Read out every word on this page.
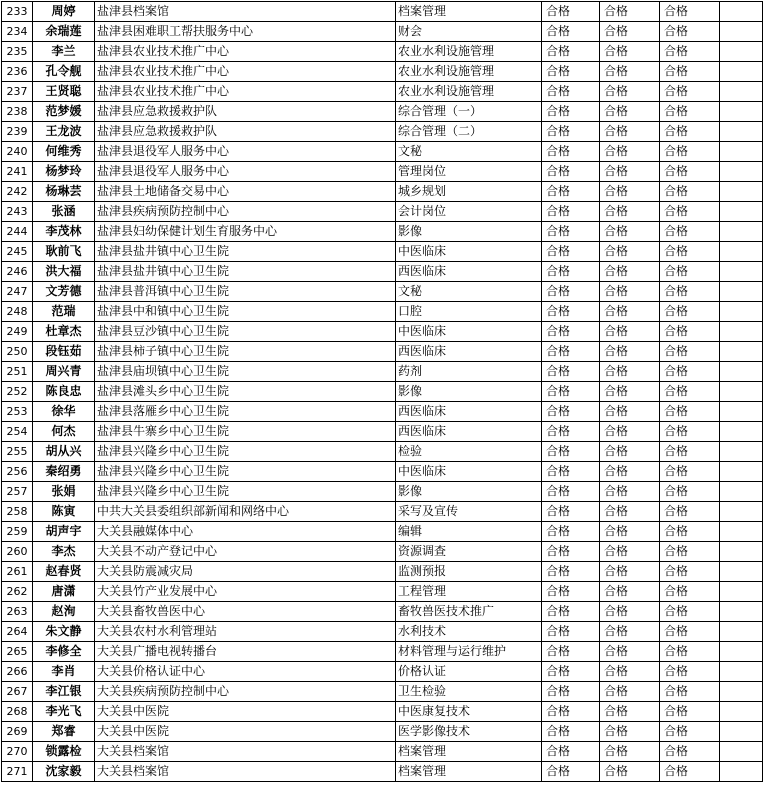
233	周婷	盐津县档案馆	档案管理	合格	合格	合格	
234	余瑞莲	盐津县困难职工帮扶服务中心	财会	合格	合格	合格	
235	李兰	盐津县农业技术推广中心	农业水利设施管理	合格	合格	合格	
236	孔令舰	盐津县农业技术推广中心	农业水利设施管理	合格	合格	合格	
237	王贤聪	盐津县农业技术推广中心	农业水利设施管理	合格	合格	合格	
238	范梦媛	盐津县应急救援救护队	综合管理（一）	合格	合格	合格	
239	王龙波	盐津县应急救援救护队	综合管理（二）	合格	合格	合格	
240	何维秀	盐津县退役军人服务中心	文秘	合格	合格	合格	
241	杨梦玲	盐津县退役军人服务中心	管理岗位	合格	合格	合格	
242	杨琳芸	盐津县土地储备交易中心	城乡规划	合格	合格	合格	
243	张涵	盐津县疾病预防控制中心	会计岗位	合格	合格	合格	
244	李茂林	盐津县妇幼保健计划生育服务中心	影像	合格	合格	合格	
245	耿前飞	盐津县盐井镇中心卫生院	中医临床	合格	合格	合格	
246	洪大福	盐津县盐井镇中心卫生院	西医临床	合格	合格	合格	
247	文芳德	盐津县普洱镇中心卫生院	文秘	合格	合格	合格	
248	范瑞	盐津县中和镇中心卫生院	口腔	合格	合格	合格	
249	杜章杰	盐津县豆沙镇中心卫生院	中医临床	合格	合格	合格	
250	段钰茹	盐津县柿子镇中心卫生院	西医临床	合格	合格	合格	
251	周兴青	盐津县庙坝镇中心卫生院	药剂	合格	合格	合格	
252	陈良忠	盐津县滩头乡中心卫生院	影像	合格	合格	合格	
253	徐华	盐津县落雁乡中心卫生院	西医临床	合格	合格	合格	
254	何杰	盐津县牛寨乡中心卫生院	西医临床	合格	合格	合格	
255	胡从兴	盐津县兴隆乡中心卫生院	检验	合格	合格	合格	
256	秦绍勇	盐津县兴隆乡中心卫生院	中医临床	合格	合格	合格	
257	张娟	盐津县兴隆乡中心卫生院	影像	合格	合格	合格	
258	陈寅	中共大关县委组织部新闻和网络中心	采写及宣传	合格	合格	合格	
259	胡声宇	大关县融媒体中心	编辑	合格	合格	合格	
260	李杰	大关县不动产登记中心	资源调查	合格	合格	合格	
261	赵春贤	大关县防震减灾局	监测预报	合格	合格	合格	
262	唐潇	大关县竹产业发展中心	工程管理	合格	合格	合格	
263	赵洵	大关县畜牧兽医中心	畜牧兽医技术推广	合格	合格	合格	
264	朱文静	大关县农村水利管理站	水利技术	合格	合格	合格	
265	李修全	大关县广播电视转播台	材料管理与运行维护	合格	合格	合格	
266	李肖	大关县价格认证中心	价格认证	合格	合格	合格	
267	李江银	大关县疾病预防控制中心	卫生检验	合格	合格	合格	
268	李光飞	大关县中医院	中医康复技术	合格	合格	合格	
269	郑睿	大关县中医院	医学影像技术	合格	合格	合格	
270	锁露检	大关县档案馆	档案管理	合格	合格	合格	
271	沈家毅	大关县档案馆	档案管理	合格	合格	合格	
